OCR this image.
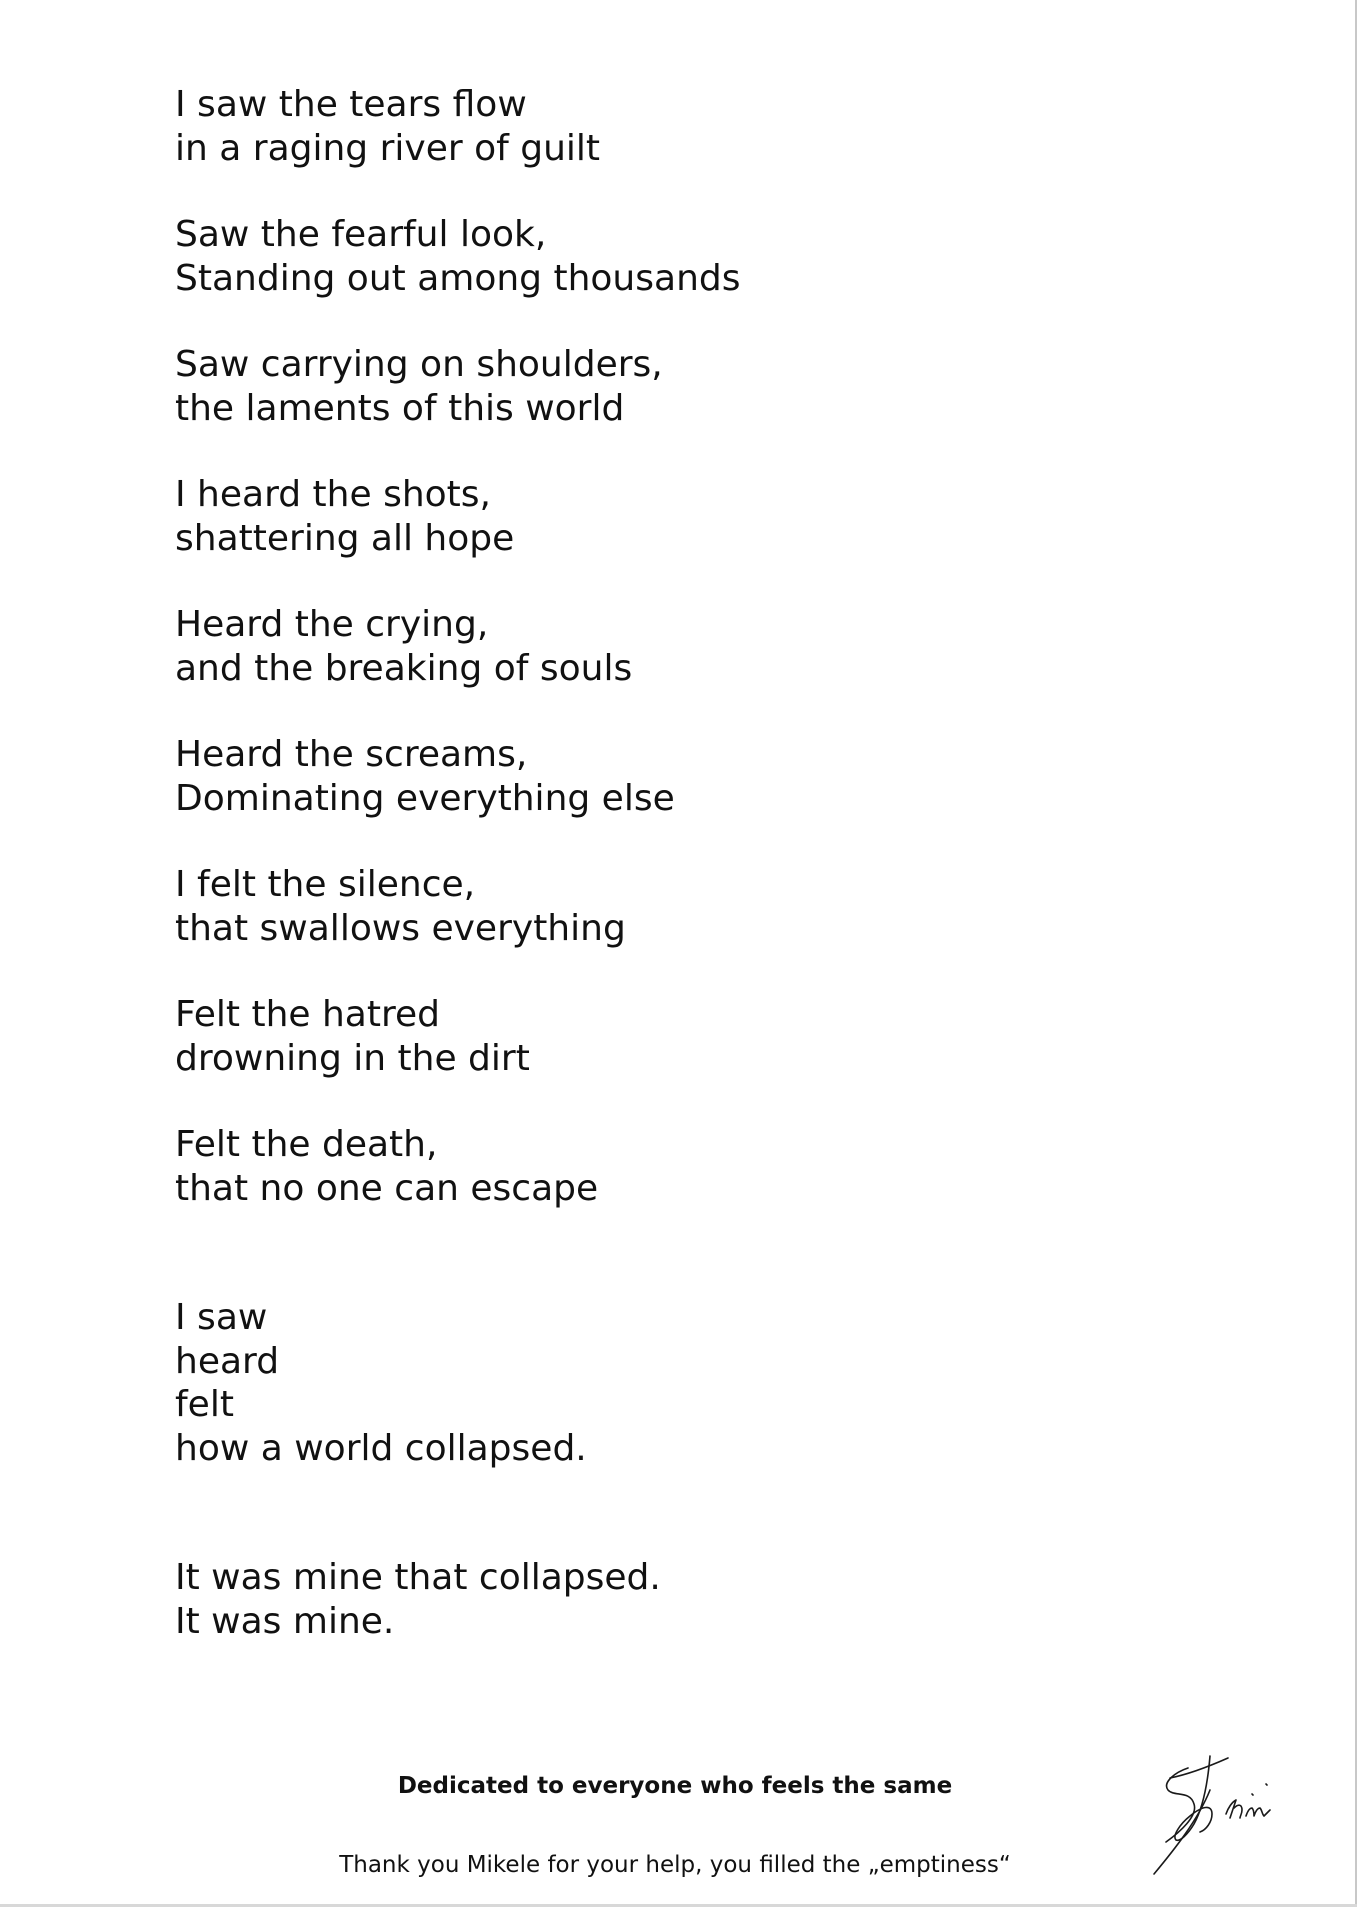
I saw the tears flow
in a raging river of guilt
Saw the fearful look,
Standing out among thousands
Saw carrying on shoulders,
the laments of this world
I heard the shots,
shattering all hope
Heard the crying,
and the breaking of souls
Heard the screams,
Dominating everything else
I felt the silence,
that swallows everything
Felt the hatred
drowning in the dirt
Felt the death,
that no one can escape
I saw
heard
felt
how a world collapsed.
It was mine that collapsed.
It was mine.
Dedicated to everyone who feels the same
Thank you Mikele for your help, you filled the „emptiness“
